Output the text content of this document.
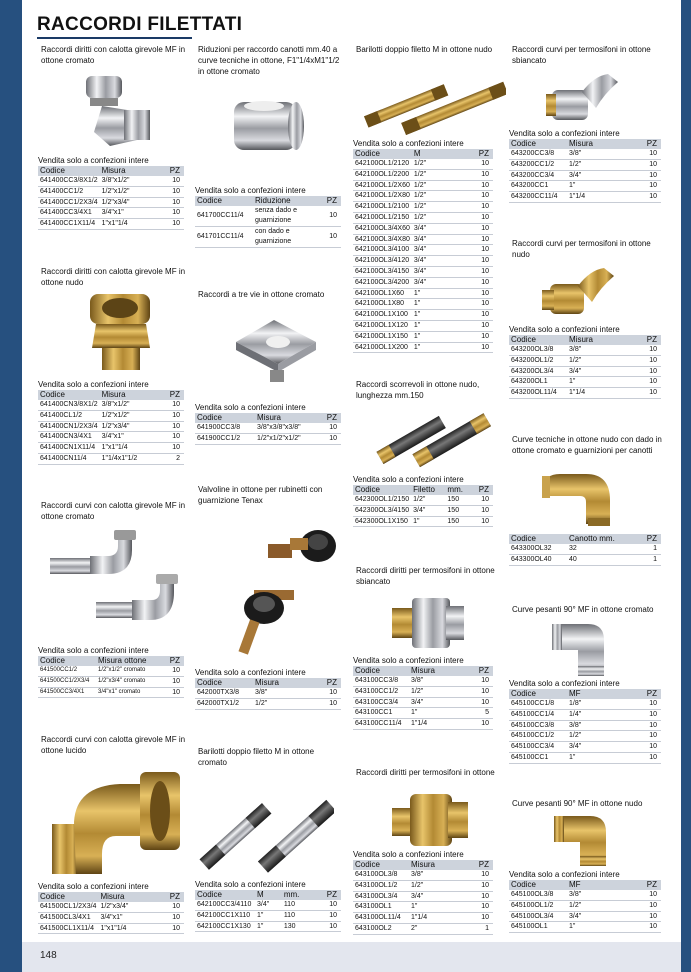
148
RACCORDI FILETTATI
Raccordi diritti con calotta girevole MF in ottone cromato
Vendita solo a confezioni intere
Codice	Misura	PZ
641400CC3/8X1/2	3/8"x1/2"	10
641400CC1/2	1/2"x1/2"	10
641400CC1/2X3/4	1/2"x3/4"	10
641400CC3/4X1	3/4"x1"	10
641400CC1X11/4	1"x1"1/4	10
Raccordi diritti con calotta girevole MF in ottone nudo
Vendita solo a confezioni intere
Codice	Misura	PZ
641400CN3/8X1/2	3/8"x1/2"	10
641400CL1/2	1/2"x1/2"	10
641400CN1/2X3/4	1/2"x3/4"	10
641400CN3/4X1	3/4"x1"	10
641400CN1X11/4	1"x1"1/4	10
641400CN11/4	1"1/4x1"1/2	2
Raccordi curvi con calotta girevole MF in ottone cromato
Vendita solo a confezioni intere
Codice	Misura ottone	PZ
641500CC1/2	1/2"x1/2" cromato	10
641500CC1/2X3/4	1/2"x3/4" cromato	10
641500CC3/4X1	3/4"x1" cromato	10
Raccordi curvi con calotta girevole MF in ottone lucido
Vendita solo a confezioni intere
Codice	Misura	PZ
641500CL1/2X3/4	1/2"x3/4"	10
641500CL3/4X1	3/4"x1"	10
641500CL1X11/4	1"x1"1/4	10
Riduzioni per raccordo canotti mm.40 a curve tecniche in ottone, F1"1/4xM1"1/2 in ottone cromato
Vendita solo a confezioni intere
Codice	Riduzione	PZ
641700CC11/4	senza dado e guarnizione	10
641701CC11/4	con dado e guarnizione	10
Raccordi a tre vie in ottone cromato
Vendita solo a confezioni intere
Codice	Misura	PZ
641900CC3/8	3/8"x3/8"x3/8"	10
641900CC1/2	1/2"x1/2"x1/2"	10
Valvoline in ottone per rubinetti con guarnizione Tenax
Vendita solo a confezioni intere
Codice	Misura	PZ
642000TX3/8	3/8"	10
642000TX1/2	1/2"	10
Barilotti doppio filetto M in ottone cromato
Vendita solo a confezioni intere
Codice	M	mm.	PZ
642100CC3/4110	3/4"	110	10
642100CC1X110	1"	110	10
642100CC1X130	1"	130	10
Barilotti doppio filetto M in ottone nudo
Vendita solo a confezioni intere
Codice	M	PZ
642100OL1/2120	1/2"	10
642100OL1/2200	1/2"	10
642100OL1/2X60	1/2"	10
642100OL1/2X80	1/2"	10
642100OL1/2100	1/2"	10
642100OL1/2150	1/2"	10
642100OL3/4X60	3/4"	10
642100OL3/4X80	3/4"	10
642100OL3/4100	3/4"	10
642100OL3/4120	3/4"	10
642100OL3/4150	3/4"	10
642100OL3/4200	3/4"	10
642100OL1X60	1"	10
642100OL1X80	1"	10
642100OL1X100	1"	10
642100OL1X120	1"	10
642100OL1X150	1"	10
642100OL1X200	1"	10
Raccordi scorrevoli in ottone nudo, lunghezza mm.150
Vendita solo a confezioni intere
Codice	Filetto	mm.	PZ
642300OL1/2150	1/2"	150	10
642300OL3/4150	3/4"	150	10
642300OL1X150	1"	150	10
Raccordi diritti per termosifoni in ottone sbiancato
Vendita solo a confezioni intere
Codice	Misura	PZ
643100CC3/8	3/8"	10
643100CC1/2	1/2"	10
643100CC3/4	3/4"	10
643100CC1	1"	5
643100CC11/4	1"1/4	10
Raccordi diritti per termosifoni in ottone
Vendita solo a confezioni intere
Codice	Misura	PZ
643100OL3/8	3/8"	10
643100OL1/2	1/2"	10
643100OL3/4	3/4"	10
643100OL1	1"	10
643100OL11/4	1"1/4	10
643100OL2	2"	1
Raccordi curvi per termosifoni in ottone sbiancato
Vendita solo a confezioni intere
Codice	Misura	PZ
643200CC3/8	3/8"	10
643200CC1/2	1/2"	10
643200CC3/4	3/4"	10
643200CC1	1"	10
643200CC11/4	1"1/4	10
Raccordi curvi per termosifoni in ottone nudo
Vendita solo a confezioni intere
Codice	Misura	PZ
643200OL3/8	3/8"	10
643200OL1/2	1/2"	10
643200OL3/4	3/4"	10
643200OL1	1"	10
643200OL11/4	1"1/4	10
Curve tecniche in ottone nudo con dado in ottone cromato e guarnizioni per canotti
Codice	Canotto mm.	PZ
643300OL32	32	1
643300OL40	40	1
Curve pesanti 90° MF in ottone cromato
Vendita solo a confezioni intere
Codice	MF	PZ
645100CC1/8	1/8"	10
645100CC1/4	1/4"	10
645100CC3/8	3/8"	10
645100CC1/2	1/2"	10
645100CC3/4	3/4"	10
645100CC1	1"	10
Curve pesanti 90° MF in ottone nudo
Vendita solo a confezioni intere
Codice	MF	PZ
645100OL3/8	3/8"	10
645100OL1/2	1/2"	10
645100OL3/4	3/4"	10
645100OL1	1"	10
